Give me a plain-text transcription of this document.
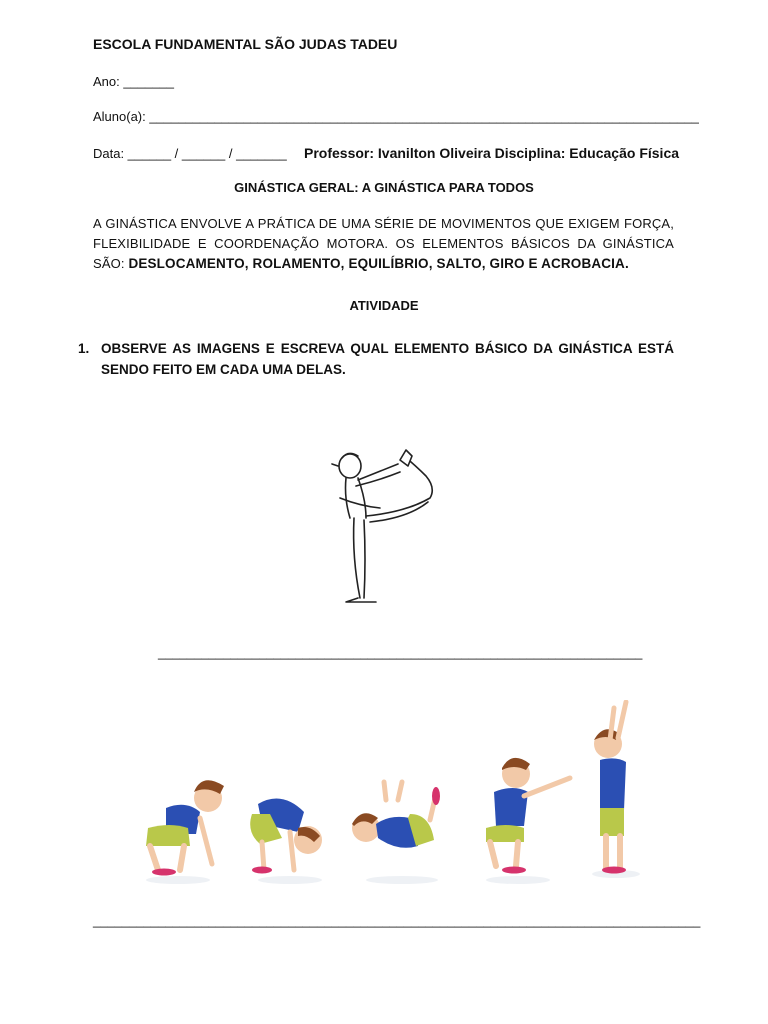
ESCOLA FUNDAMENTAL SÃO JUDAS TADEU
Ano: _______
Aluno(a): ____________________________________________________________________________
Data: ______ / ______ / _______ Professor: Ivanilton Oliveira Disciplina: Educação Física
GINÁSTICA GERAL: A GINÁSTICA PARA TODOS
A GINÁSTICA ENVOLVE A PRÁTICA DE UMA SÉRIE DE MOVIMENTOS QUE EXIGEM FORÇA, FLEXIBILIDADE E COORDENAÇÃO MOTORA. OS ELEMENTOS BÁSICOS DA GINÁSTICA SÃO: DESLOCAMENTO, ROLAMENTO, EQUILÍBRIO, SALTO, GIRO E ACROBACIA.
ATIVIDADE
1. OBSERVE AS IMAGENS E ESCREVA QUAL ELEMENTO BÁSICO DA GINÁSTICA ESTÁ SENDO FEITO EM CADA UMA DELAS.
___________________________________________________________________
____________________________________________________________________________________
